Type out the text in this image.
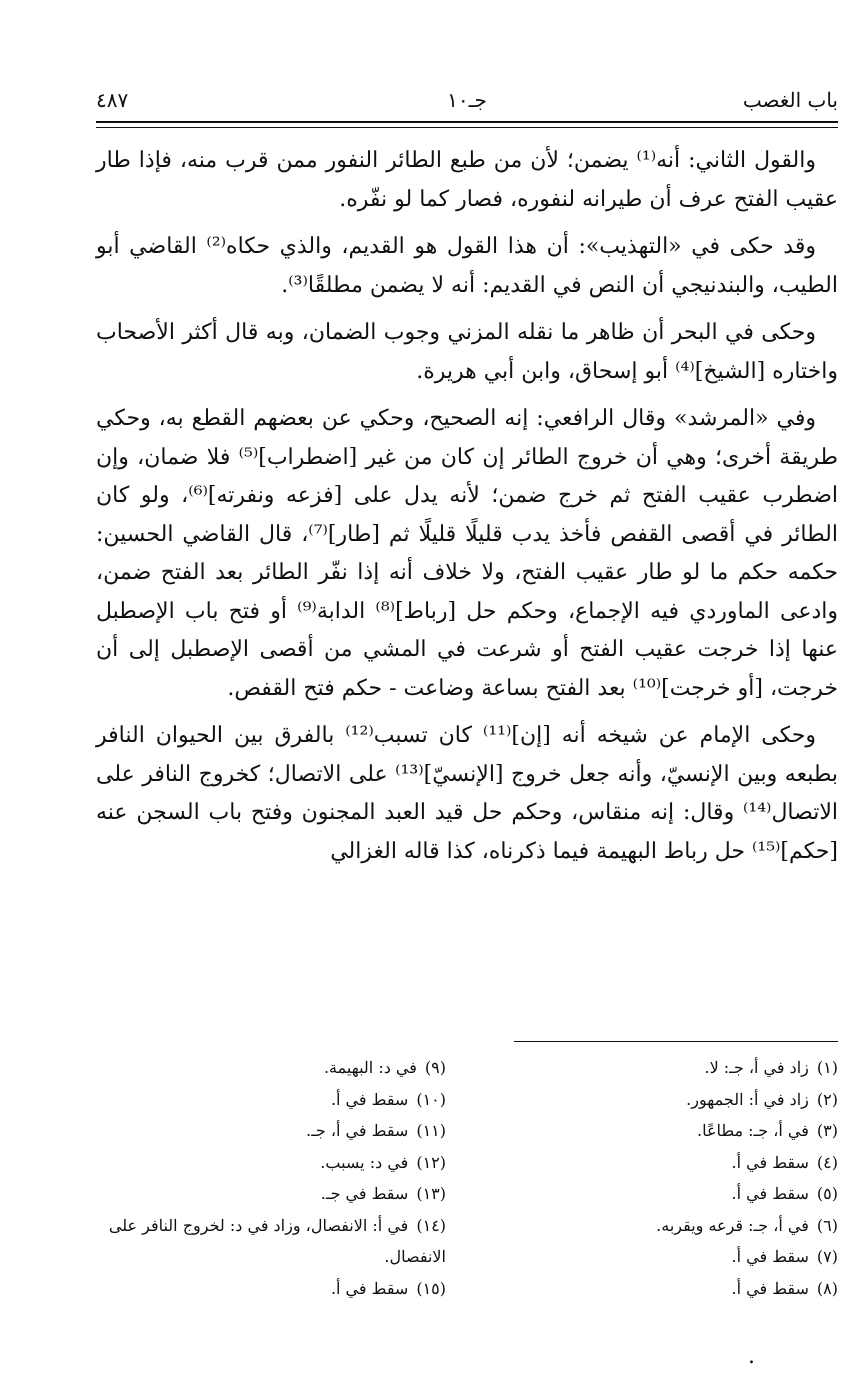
باب الغصب
جـ١٠
٤٨٧

والقول الثاني: أنه⁽¹⁾ يضمن؛ لأن من طبع الطائر النفور ممن قرب منه، فإذا طار عقيب الفتح عرف أن طيرانه لنفوره، فصار كما لو نفّره.

وقد حكى في «التهذيب»: أن هذا القول هو القديم، والذي حكاه⁽²⁾ القاضي أبو الطيب، والبندنيجي أن النص في القديم: أنه لا يضمن مطلقًا⁽³⁾.

وحكى في البحر أن ظاهر ما نقله المزني وجوب الضمان، وبه قال أكثر الأصحاب واختاره [الشيخ]⁽⁴⁾ أبو إسحاق، وابن أبي هريرة.

وفي «المرشد» وقال الرافعي: إنه الصحيح، وحكي عن بعضهم القطع به، وحكي طريقة أخرى؛ وهي أن خروج الطائر إن كان من غير [اضطراب]⁽⁵⁾ فلا ضمان، وإن اضطرب عقيب الفتح ثم خرج ضمن؛ لأنه يدل على [فزعه ونفرته]⁽⁶⁾، ولو كان الطائر في أقصى القفص فأخذ يدب قليلًا قليلًا ثم [طار]⁽⁷⁾، قال القاضي الحسين: حكمه حكم ما لو طار عقيب الفتح، ولا خلاف أنه إذا نفّر الطائر بعد الفتح ضمن، وادعى الماوردي فيه الإجماع، وحكم حل [رباط]⁽⁸⁾ الدابة⁽⁹⁾ أو فتح باب الإصطبل عنها إذا خرجت عقيب الفتح أو شرعت في المشي من أقصى الإصطبل إلى أن خرجت، [أو خرجت]⁽¹⁰⁾ بعد الفتح بساعة وضاعت - حكم فتح القفص.

وحكى الإمام عن شيخه أنه [إن]⁽¹¹⁾ كان تسبب⁽¹²⁾ بالفرق بين الحيوان النافر بطبعه وبين الإنسيّ، وأنه جعل خروج [الإنسيّ]⁽¹³⁾ على الاتصال؛ كخروج النافر على الاتصال⁽¹⁴⁾ وقال: إنه منقاس، وحكم حل قيد العبد المجنون وفتح باب السجن عنه [حكم]⁽¹⁵⁾ حل رباط البهيمة فيما ذكرناه، كذا قاله الغزالي

(١)زاد في أ، جـ: لا.
(٢)زاد في أ: الجمهور.
(٣)في أ، جـ: مطاعًا.
(٤)سقط في أ.
(٥)سقط في أ.
(٦)في أ، جـ: قرعه ويقربه.
(٧)سقط في أ.
(٨)سقط في أ.
(٩)في د: البهيمة.
(١٠)سقط في أ.
(١١)سقط في أ، جـ.
(١٢)في د: يسبب.
(١٣)سقط في جـ.
(١٤)في أ: الانفصال، وزاد في د: لخروج النافر على الانفصال.
(١٥)سقط في أ.
.
